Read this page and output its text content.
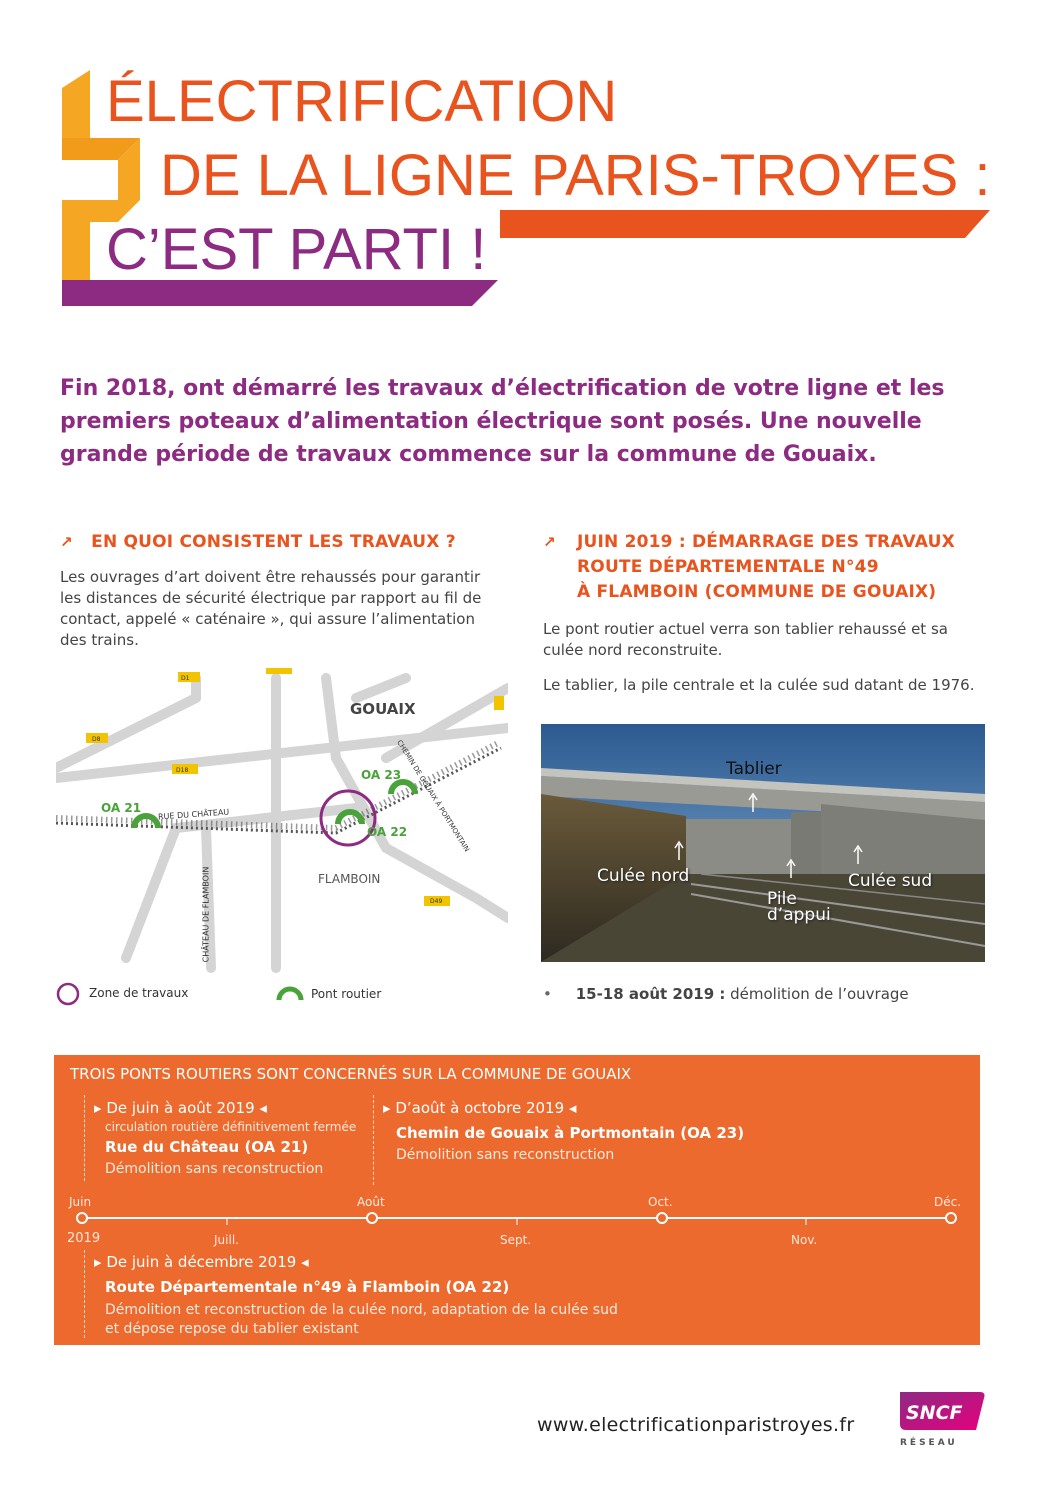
ÉLECTRIFICATION
DE LA LIGNE PARIS-TROYES :
C’EST PARTI !
Fin 2018, ont démarré les travaux d’électrification de votre ligne et les premiers poteaux d’alimentation électrique sont posés. Une nouvelle grande période de travaux commence sur la commune de Gouaix.
↗ EN QUOI CONSISTENT LES TRAVAUX ?
Les ouvrages d’art doivent être rehaussés pour garantir les distances de sécurité électrique par rapport au fil de contact, appelé « caténaire », qui assure l’alimentation des trains.
D1
D8
D18
D49
GOUAIX
FLAMBOIN
OA 21
OA 22
OA 23
RUE DU CHÂTEAU	CHEMIN DE GOUAIX À PORTMONTAIN
CHÂTEAU DE FLAMBOIN
Zone de travaux	Pont routier
↗ JUIN 2019 : DÉMARRAGE DES TRAVAUX
ROUTE DÉPARTEMENTALE N°49
À FLAMBOIN (COMMUNE DE GOUAIX)
Le pont routier actuel verra son tablier rehaussé et sa culée nord reconstruite.
Le tablier, la pile centrale et la culée sud datant de 1976.
Tablier
Culée nord
Pile
d’appui
Culée sud
• 15-18 août 2019 : démolition de l’ouvrage
TROIS PONTS ROUTIERS SONT CONCERNÉS SUR LA COMMUNE DE GOUAIX
▸ De juin à août 2019 ◂
circulation routière définitivement fermée
Rue du Château (OA 21)
Démolition sans reconstruction
▸ D’août à octobre 2019 ◂
Chemin de Gouaix à Portmontain (OA 23)
Démolition sans reconstruction
Juin	Août	Oct.	Déc.
2019	Juill.	Sept.	Nov.
▸ De juin à décembre 2019 ◂
Route Départementale n°49 à Flamboin (OA 22)
Démolition et reconstruction de la culée nord, adaptation de la culée sud
et dépose repose du tablier existant
www.electrificationparistroyes.fr
SNCF
RÉSEAU
